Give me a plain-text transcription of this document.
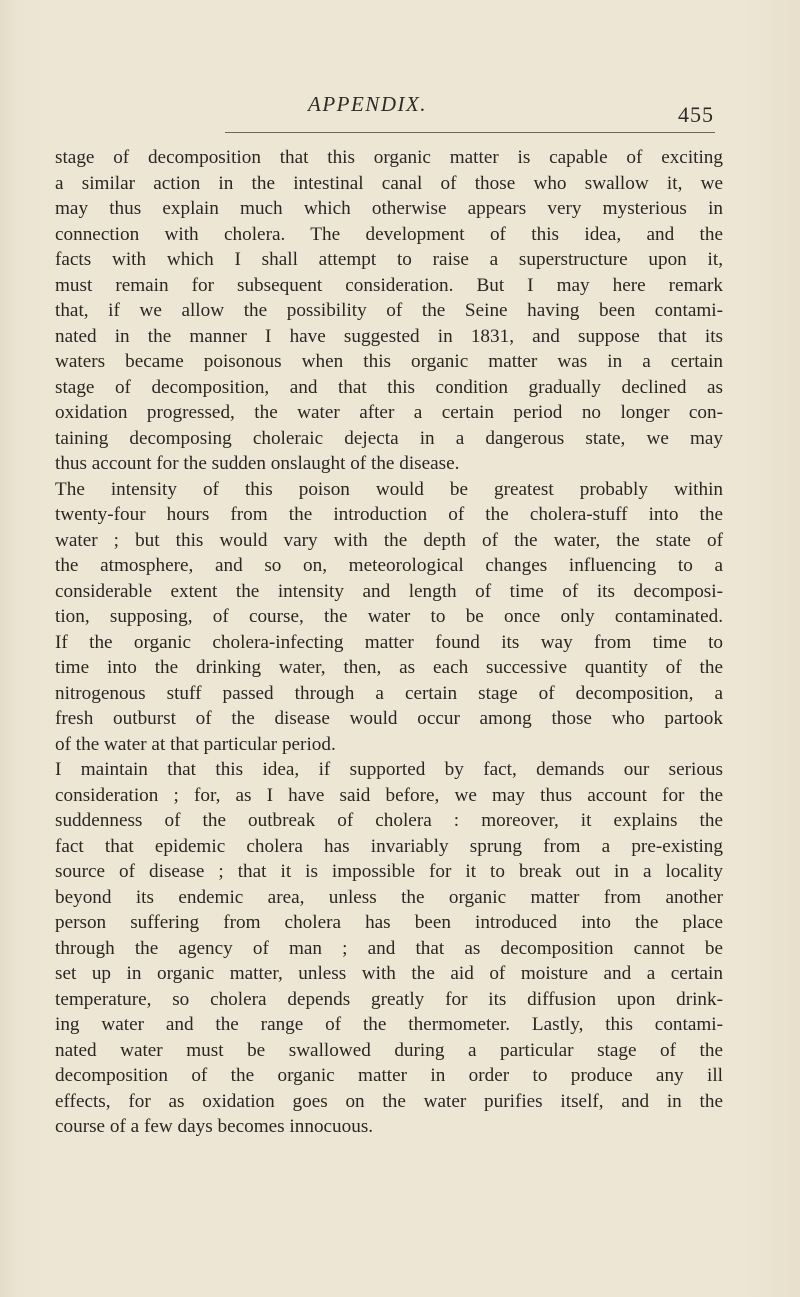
APPENDIX.	455
stage of decomposition that this organic matter is capable of exciting
a similar action in the intestinal canal of those who swallow it, we
may thus explain much which otherwise appears very mysterious in
connection with cholera. The development of this idea, and the
facts with which I shall attempt to raise a superstructure upon it,
must remain for subsequent consideration. But I may here remark
that, if we allow the possibility of the Seine having been contami-
nated in the manner I have suggested in 1831, and suppose that its
waters became poisonous when this organic matter was in a certain
stage of decomposition, and that this condition gradually declined as
oxidation progressed, the water after a certain period no longer con-
taining decomposing choleraic dejecta in a dangerous state, we may
thus account for the sudden onslaught of the disease.
The intensity of this poison would be greatest probably within
twenty-four hours from the introduction of the cholera-stuff into the
water ; but this would vary with the depth of the water, the state of
the atmosphere, and so on, meteorological changes influencing to a
considerable extent the intensity and length of time of its decomposi-
tion, supposing, of course, the water to be once only contaminated.
If the organic cholera-infecting matter found its way from time to
time into the drinking water, then, as each successive quantity of the
nitrogenous stuff passed through a certain stage of decomposition, a
fresh outburst of the disease would occur among those who partook
of the water at that particular period.
I maintain that this idea, if supported by fact, demands our serious
consideration ; for, as I have said before, we may thus account for the
suddenness of the outbreak of cholera : moreover, it explains the
fact that epidemic cholera has invariably sprung from a pre-existing
source of disease ; that it is impossible for it to break out in a locality
beyond its endemic area, unless the organic matter from another
person suffering from cholera has been introduced into the place
through the agency of man ; and that as decomposition cannot be
set up in organic matter, unless with the aid of moisture and a certain
temperature, so cholera depends greatly for its diffusion upon drink-
ing water and the range of the thermometer. Lastly, this contami-
nated water must be swallowed during a particular stage of the
decomposition of the organic matter in order to produce any ill
effects, for as oxidation goes on the water purifies itself, and in the
course of a few days becomes innocuous.
